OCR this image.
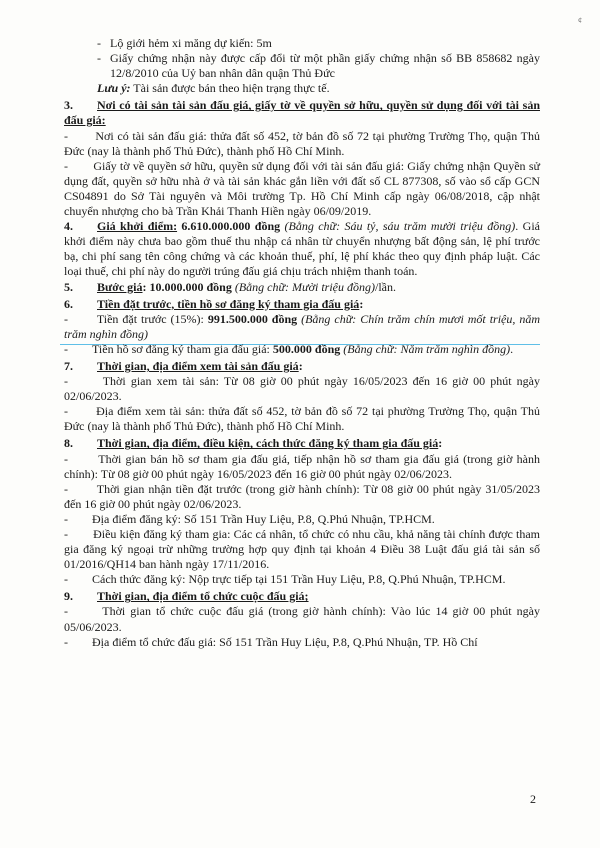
¢

- Lộ giới hẻm xi măng dự kiến: 5m

- Giấy chứng nhận này được cấp đổi từ một phần giấy chứng nhận số BB 858682 ngày 12/8/2010 của Uỷ ban nhân dân quận Thủ Đức

Lưu ý: Tài sản được bán theo hiện trạng thực tế.

3. Nơi có tài sản tài sản đấu giá, giấy tờ về quyền sở hữu, quyền sử dụng đối với tài sản đấu giá:

- Nơi có tài sản đấu giá: thửa đất số 452, tờ bản đồ số 72 tại phường Trường Thọ, quận Thủ Đức (nay là thành phố Thủ Đức), thành phố Hồ Chí Minh.

- Giấy tờ về quyền sở hữu, quyền sử dụng đối với tài sản đấu giá: Giấy chứng nhận Quyền sử dụng đất, quyền sở hữu nhà ở và tài sản khác gắn liền với đất số CL 877308, số vào sổ cấp GCN CS04891 do Sở Tài nguyên và Môi trường Tp. Hồ Chí Minh cấp ngày 06/08/2018, cập nhật chuyển nhượng cho bà Trần Khải Thanh Hiền ngày 06/09/2019.

4. Giá khởi điểm: 6.610.000.000 đồng (Bằng chữ: Sáu tỷ, sáu trăm mười triệu đồng). Giá khởi điểm này chưa bao gồm thuế thu nhập cá nhân từ chuyển nhượng bất động sản, lệ phí trước bạ, chi phí sang tên công chứng và các khoản thuế, phí, lệ phí khác theo quy định pháp luật. Các loại thuế, chi phí này do người trúng đấu giá chịu trách nhiệm thanh toán.

5. Bước giá: 10.000.000 đồng (Bằng chữ: Mười triệu đồng)/lần.

6. Tiền đặt trước, tiền hồ sơ đăng ký tham gia đấu giá:

- Tiền đặt trước (15%): 991.500.000 đồng (Bằng chữ: Chín trăm chín mươi mốt triệu, năm trăm nghìn đồng)

- Tiền hồ sơ đăng ký tham gia đấu giá: 500.000 đồng (Bằng chữ: Năm trăm nghìn đồng).

7. Thời gian, địa điểm xem tài sản đấu giá:

-	Thời gian xem tài sản: Từ 08 giờ 00 phút ngày 16/05/2023 đến 16 giờ 00 phút ngày 02/06/2023.

- Địa điểm xem tài sản: thửa đất số 452, tờ bản đồ số 72 tại phường Trường Thọ, quận Thủ Đức (nay là thành phố Thủ Đức), thành phố Hồ Chí Minh.

8. Thời gian, địa điểm, điều kiện, cách thức đăng ký tham gia đấu giá:

-	Thời gian bán hồ sơ tham gia đấu giá, tiếp nhận hồ sơ tham gia đấu giá (trong giờ hành chính): Từ 08 giờ 00 phút ngày 16/05/2023 đến 16 giờ 00 phút ngày 02/06/2023.

- Thời gian nhận tiền đặt trước (trong giờ hành chính): Từ 08 giờ 00 phút ngày 31/05/2023 đến 16 giờ 00 phút ngày 02/06/2023.

- Địa điểm đăng ký: Số 151 Trần Huy Liệu, P.8, Q.Phú Nhuận, TP.HCM.

- Điều kiện đăng ký tham gia: Các cá nhân, tổ chức có nhu cầu, khả năng tài chính được tham gia đăng ký ngoại trừ những trường hợp quy định tại khoản 4 Điều 38 Luật đấu giá tài sản số 01/2016/QH14 ban hành ngày 17/11/2016.

- Cách thức đăng ký: Nộp trực tiếp tại 151 Trần Huy Liệu, P.8, Q.Phú Nhuận, TP.HCM.

9. Thời gian, địa điểm tổ chức cuộc đấu giá;

-	Thời gian tổ chức cuộc đấu giá (trong giờ hành chính): Vào lúc 14 giờ 00 phút ngày 05/06/2023.

- Địa điểm tổ chức đấu giá: Số 151 Trần Huy Liệu, P.8, Q.Phú Nhuận, TP. Hồ Chí

2
